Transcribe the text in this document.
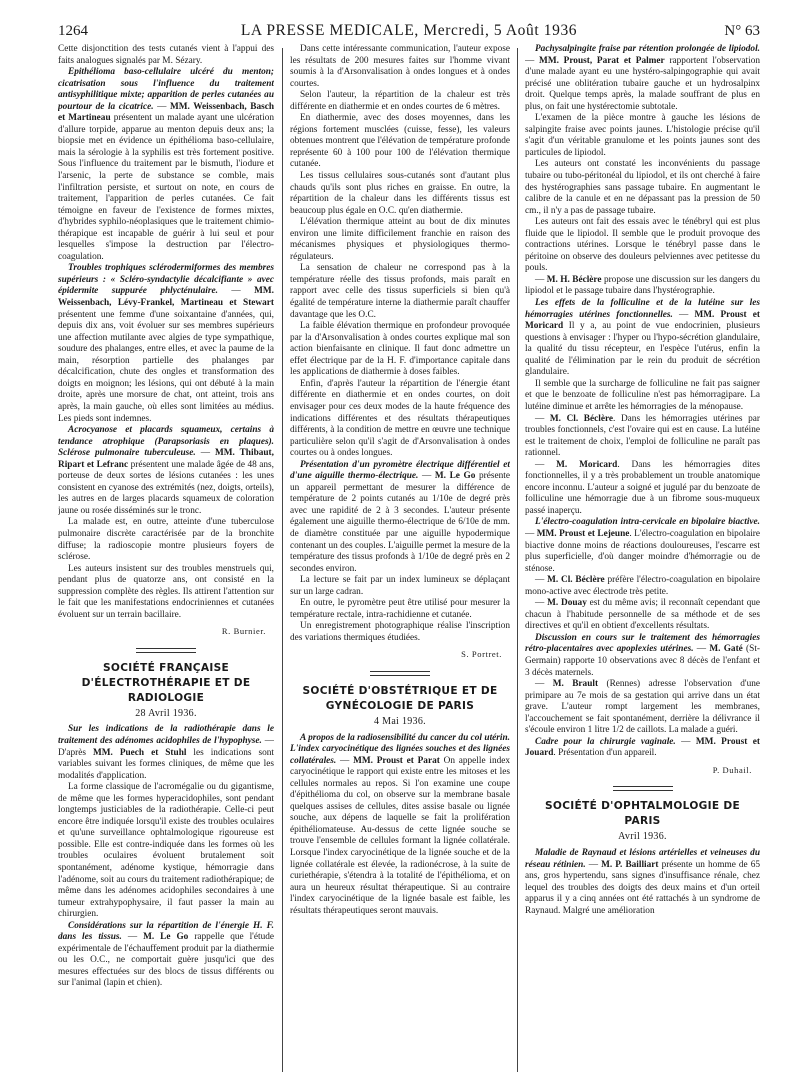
1264	LA PRESSE MEDICALE, Mercredi, 5 Août 1936	N° 63

Cette disjonctition des tests cutanés vient à l'appui des faits analogues signalés par M. Sézary.

Epithélioma baso-cellulaire ulcéré du menton; cicatrisation sous l'influence du traitement antisyphilitique mixte; apparition de perles cutanées au pourtour de la cicatrice. — MM. Weissenbach, Basch et Martineau présentent un malade ayant une ulcération d'allure torpide, apparue au menton depuis deux ans; la biopsie met en évidence un épithélioma baso-cellulaire, mais la sérologie à la syphilis est très fortement positive. Sous l'influence du traitement par le bismuth, l'iodure et l'arsenic, la perte de substance se comble, mais l'infiltration persiste, et surtout on note, en cours de traitement, l'apparition de perles cutanées. Ce fait témoigne en faveur de l'existence de formes mixtes, d'hybrides syphilo-néoplasiques que le traitement chimio-thérapique est incapable de guérir à lui seul et pour lesquelles s'impose la destruction par l'électro-coagulation.

Troubles trophiques sclérodermiformes des membres supérieurs : « Scléro-syndactylie décalcifiante » avec épidermite suppurée phlycténulaire. — MM. Weissenbach, Lévy-Frankel, Martineau et Stewart présentent une femme d'une soixantaine d'années, qui, depuis dix ans, voit évoluer sur ses membres supérieurs une affection mutilante avec algies de type sympathique, soudure des phalanges, entre elles, et avec la paume de la main, résorption partielle des phalanges par décalcification, chute des ongles et transformation des doigts en moignon; les lésions, qui ont débuté à la main droite, après une morsure de chat, ont atteint, trois ans après, la main gauche, où elles sont limitées au médius. Les pieds sont indemnes.

Acrocyanose et placards squameux, certains à tendance atrophique (Parapsoriasis en plaques). Sclérose pulmonaire tuberculeuse. — MM. Thibaut, Ripart et Lefranc présentent une malade âgée de 48 ans, porteuse de deux sortes de lésions cutanées : les unes consistent en cyanose des extrémités (nez, doigts, orteils), les autres en de larges placards squameux de coloration jaune ou rosée disséminés sur le tronc.

La malade est, en outre, atteinte d'une tuberculose pulmonaire discrète caractérisée par de la bronchite diffuse; la radioscopie montre plusieurs foyers de sclérose.

Les auteurs insistent sur des troubles menstruels qui, pendant plus de quatorze ans, ont consisté en la suppression complète des règles. Ils attirent l'attention sur le fait que les manifestations endocriniennes et cutanées évoluent sur un terrain bacillaire.

R. Burnier.
SOCIÉTÉ FRANÇAISE D'ÉLECTROTHÉRAPIE ET DE RADIOLOGIE
28 Avril 1936.

Sur les indications de la radiothérapie dans le traitement des adénomes acidophiles de l'hypophyse. — D'après MM. Puech et Stuhl les indications sont variables suivant les formes cliniques, de même que les modalités d'application.

La forme classique de l'acromégalie ou du gigantisme, de même que les formes hyperacidophiles, sont pendant longtemps justiciables de la radiothérapie. Celle-ci peut encore être indiquée lorsqu'il existe des troubles oculaires et qu'une surveillance ophtalmologique rigoureuse est possible. Elle est contre-indiquée dans les formes où les troubles oculaires évoluent brutalement soit spontanément, adénome kystique, hémorragie dans l'adénome, soit au cours du traitement radiothérapique; de même dans les adénomes acidophiles secondaires à une tumeur extrahypophysaire, il faut passer la main au chirurgien.

Considérations sur la répartition de l'énergie H. F. dans les tissus. — M. Le Go rappelle que l'étude expérimentale de l'échauffement produit par la diathermie ou les O.C., ne comportait guère jusqu'ici que des mesures effectuées sur des blocs de tissus différents ou sur l'animal (lapin et chien).

Dans cette intéressante communication, l'auteur expose les résultats de 200 mesures faites sur l'homme vivant soumis à la d'Arsonvalisation à ondes longues et à ondes courtes.

Selon l'auteur, la répartition de la chaleur est très différente en diathermie et en ondes courtes de 6 mètres.

En diathermie, avec des doses moyennes, dans les régions fortement musclées (cuisse, fesse), les valeurs obtenues montrent que l'élévation de température profonde représente 60 à 100 pour 100 de l'élévation thermique cutanée.

Les tissus cellulaires sous-cutanés sont d'autant plus chauds qu'ils sont plus riches en graisse. En outre, la répartition de la chaleur dans les différents tissus est beaucoup plus égale en O.C. qu'en diathermie.

L'élévation thermique atteint au bout de dix minutes environ une limite difficilement franchie en raison des mécanismes physiques et physiologiques thermo-régulateurs.

La sensation de chaleur ne correspond pas à la température réelle des tissus profonds, mais paraît en rapport avec celle des tissus superficiels si bien qu'à égalité de température interne la diathermie paraît chauffer davantage que les O.C.

La faible élévation thermique en profondeur provoquée par la d'Arsonvalisation à ondes courtes explique mal son action bienfaisante en clinique. Il faut donc admettre un effet électrique par de la H. F. d'importance capitale dans les applications de diathermie à doses faibles.

Enfin, d'après l'auteur la répartition de l'énergie étant différente en diathermie et en ondes courtes, on doit envisager pour ces deux modes de la haute fréquence des indications différentes et des résultats thérapeutiques différents, à la condition de mettre en œuvre une technique particulière selon qu'il s'agit de d'Arsonvalisation à ondes courtes ou à ondes longues.

Présentation d'un pyromètre électrique différentiel et d'une aiguille thermo-électrique. — M. Le Go présente un appareil permettant de mesurer la différence de température de 2 points cutanés au 1/10e de degré près avec une rapidité de 2 à 3 secondes. L'auteur présente également une aiguille thermo-électrique de 6/10e de mm. de diamètre constituée par une aiguille hypodermique contenant un des couples. L'aiguille permet la mesure de la température des tissus profonds à 1/10e de degré près en 2 secondes environ.

La lecture se fait par un index lumineux se déplaçant sur un large cadran.

En outre, le pyromètre peut être utilisé pour mesurer la température rectale, intra-rachidienne et cutanée.

Un enregistrement photographique réalise l'inscription des variations thermiques étudiées.

S. Portret.
SOCIÉTÉ D'OBSTÉTRIQUE ET DE GYNÉCOLOGIE DE PARIS
4 Mai 1936.

A propos de la radiosensibilité du cancer du col utérin. L'index caryocinétique des lignées souches et des lignées collatérales. — MM. Proust et Parat On appelle index caryocinétique le rapport qui existe entre les mitoses et les cellules normales au repos. Si l'on examine une coupe d'épithélioma du col, on observe sur la membrane basale quelques assises de cellules, dites assise basale ou lignée souche, aux dépens de laquelle se fait la prolifération épithéliomateuse. Au-dessus de cette lignée souche se trouve l'ensemble de cellules formant la lignée collatérale. Lorsque l'index caryocinétique de la lignée souche et de la lignée collatérale est élevée, la radionécrose, à la suite de curiethérapie, s'étendra à la totalité de l'épithélioma, et on aura un heureux résultat thérapeutique. Si au contraire l'index caryocinétique de la lignée basale est faible, les résultats thérapeutiques seront mauvais.

Pachysalpingite fraise par rétention prolongée de lipiodol. — MM. Proust, Parat et Palmer rapportent l'observation d'une malade ayant eu une hystéro-salpingographie qui avait précisé une oblitération tubaire gauche et un hydrosalpinx droit. Quelque temps après, la malade souffrant de plus en plus, on fait une hystérectomie subtotale.

L'examen de la pièce montre à gauche les lésions de salpingite fraise avec points jaunes. L'histologie précise qu'il s'agit d'un véritable granulome et les points jaunes sont des particules de lipiodol.

Les auteurs ont constaté les inconvénients du passage tubaire ou tubo-péritonéal du lipiodol, et ils ont cherché à faire des hystérographies sans passage tubaire. En augmentant le calibre de la canule et en ne dépassant pas la pression de 50 cm., il n'y a pas de passage tubaire.

Les auteurs ont fait des essais avec le ténébryl qui est plus fluide que le lipiodol. Il semble que le produit provoque des contractions utérines. Lorsque le ténébryl passe dans le péritoine on observe des douleurs pelviennes avec petitesse du pouls.

— M. H. Béclère propose une discussion sur les dangers du lipiodol et le passage tubaire dans l'hystérographie.

Les effets de la folliculine et de la lutéine sur les hémorragies utérines fonctionnelles. — MM. Proust et Moricard Il y a, au point de vue endocrinien, plusieurs questions à envisager : l'hyper ou l'hypo-sécrétion glandulaire, la qualité du tissu récepteur, en l'espèce l'utérus, enfin la qualité de l'élimination par le rein du produit de sécrétion glandulaire.

Il semble que la surcharge de folliculine ne fait pas saigner et que le benzoate de folliculine n'est pas hémorragipare. La lutéine diminue et arrête les hémorragies de la ménopause.

— M. Cl. Béclère. Dans les hémorragies utérines par troubles fonctionnels, c'est l'ovaire qui est en cause. La lutéine est le traitement de choix, l'emploi de folliculine ne paraît pas rationnel.

— M. Moricard. Dans les hémorragies dites fonctionnelles, il y a très probablement un trouble anatomique encore inconnu. L'auteur a soigné et jugulé par du benzoate de folliculine une hémorragie due à un fibrome sous-muqueux passé inaperçu.

L'électro-coagulation intra-cervicale en bipolaire biactive. — MM. Proust et Lejeune. L'électro-coagulation en bipolaire biactive donne moins de réactions douloureuses, l'escarre est plus superficielle, d'où danger moindre d'hémorragie ou de sténose.

— M. Cl. Béclère préfère l'électro-coagulation en bipolaire mono-active avec électrode très petite.

— M. Douay est du même avis; il reconnaît cependant que chacun à l'habitude personnelle de sa méthode et de ses directives et qu'il en obtient d'excellents résultats.

Discussion en cours sur le traitement des hémorragies rétro-placentaires avec apoplexies utérines. — M. Gaté (St-Germain) rapporte 10 observations avec 8 décès de l'enfant et 3 décès maternels.

— M. Brault (Rennes) adresse l'observation d'une primipare au 7e mois de sa gestation qui arrive dans un état grave. L'auteur rompt largement les membranes, l'accouchement se fait spontanément, derrière la délivrance il s'écoule environ 1 litre 1/2 de caillots. La malade a guéri.

Cadre pour la chirurgie vaginale. — MM. Proust et Jouard. Présentation d'un appareil.

P. Duhail.
SOCIÉTÉ D'OPHTALMOLOGIE DE PARIS
Avril 1936.

Maladie de Raynaud et lésions artérielles et veineuses du réseau rétinien. — M. P. Bailliart présente un homme de 65 ans, gros hypertendu, sans signes d'insuffisance rénale, chez lequel des troubles des doigts des deux mains et d'un orteil apparus il y a cinq années ont été rattachés à un syndrome de Raynaud. Malgré une amélioration
